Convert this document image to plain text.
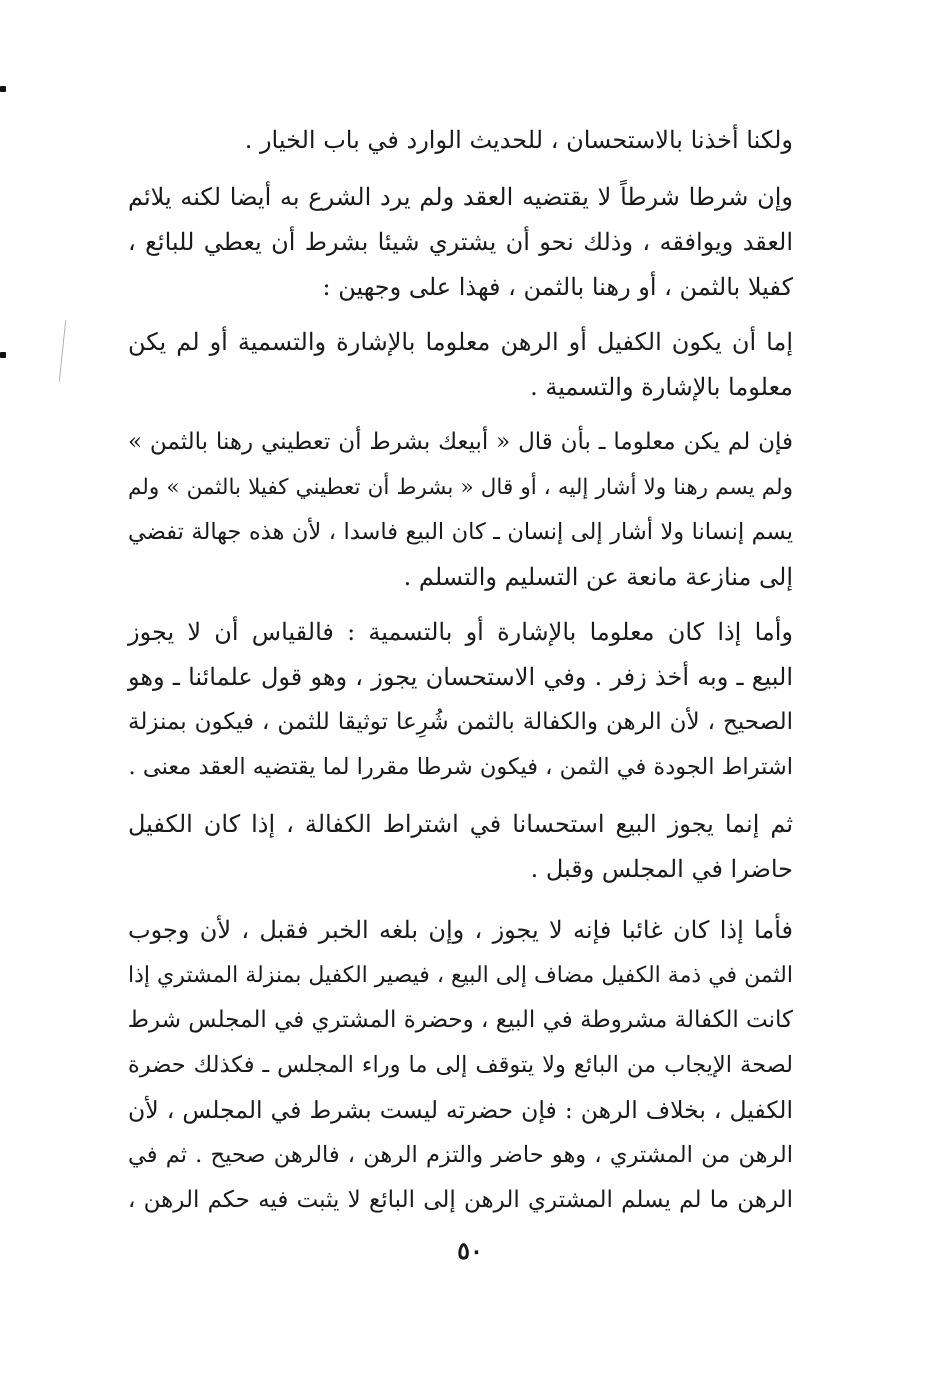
ولكنا أخذنا بالاستحسان ، للحديث الوارد في باب الخيار .

وإن شرطا شرطاً لا يقتضيه العقد ولم يرد الشرع به أيضا لكنه يلائم
العقد ويوافقه ، وذلك نحو أن يشتري شيئا بشرط أن يعطي للبائع ،
كفيلا بالثمن ، أو رهنا بالثمن ، فهذا على وجهين :

إما أن يكون الكفيل أو الرهن معلوما بالإشارة والتسمية أو لم يكن
معلوما بالإشارة والتسمية .

فإن لم يكن معلوما ـ بأن قال « أبيعك بشرط أن تعطيني رهنا بالثمن »
ولم يسم رهنا ولا أشار إليه ، أو قال « بشرط أن تعطيني كفيلا بالثمن » ولم
يسم إنسانا ولا أشار إلى إنسان ـ كان البيع فاسدا ، لأن هذه جهالة تفضي
إلى منازعة مانعة عن التسليم والتسلم .

وأما إذا كان معلوما بالإشارة أو بالتسمية : فالقياس أن لا يجوز
البيع ـ وبه أخذ زفر . وفي الاستحسان يجوز ، وهو قول علمائنا ـ وهو
الصحيح ، لأن الرهن والكفالة بالثمن شُرِعا توثيقا للثمن ، فيكون بمنزلة
اشتراط الجودة في الثمن ، فيكون شرطا مقررا لما يقتضيه العقد معنى .

ثم إنما يجوز البيع استحسانا في اشتراط الكفالة ، إذا كان الكفيل
حاضرا في المجلس وقبل .

فأما إذا كان غائبا فإنه لا يجوز ، وإن بلغه الخبر فقبل ، لأن وجوب
الثمن في ذمة الكفيل مضاف إلى البيع ، فيصير الكفيل بمنزلة المشتري إذا
كانت الكفالة مشروطة في البيع ، وحضرة المشتري في المجلس شرط
لصحة الإيجاب من البائع ولا يتوقف إلى ما وراء المجلس ـ فكذلك حضرة
الكفيل ، بخلاف الرهن : فإن حضرته ليست بشرط في المجلس ، لأن
الرهن من المشتري ، وهو حاضر والتزم الرهن ، فالرهن صحيح . ثم في
الرهن ما لم يسلم المشتري الرهن إلى البائع لا يثبت فيه حكم الرهن ،

٥٠
